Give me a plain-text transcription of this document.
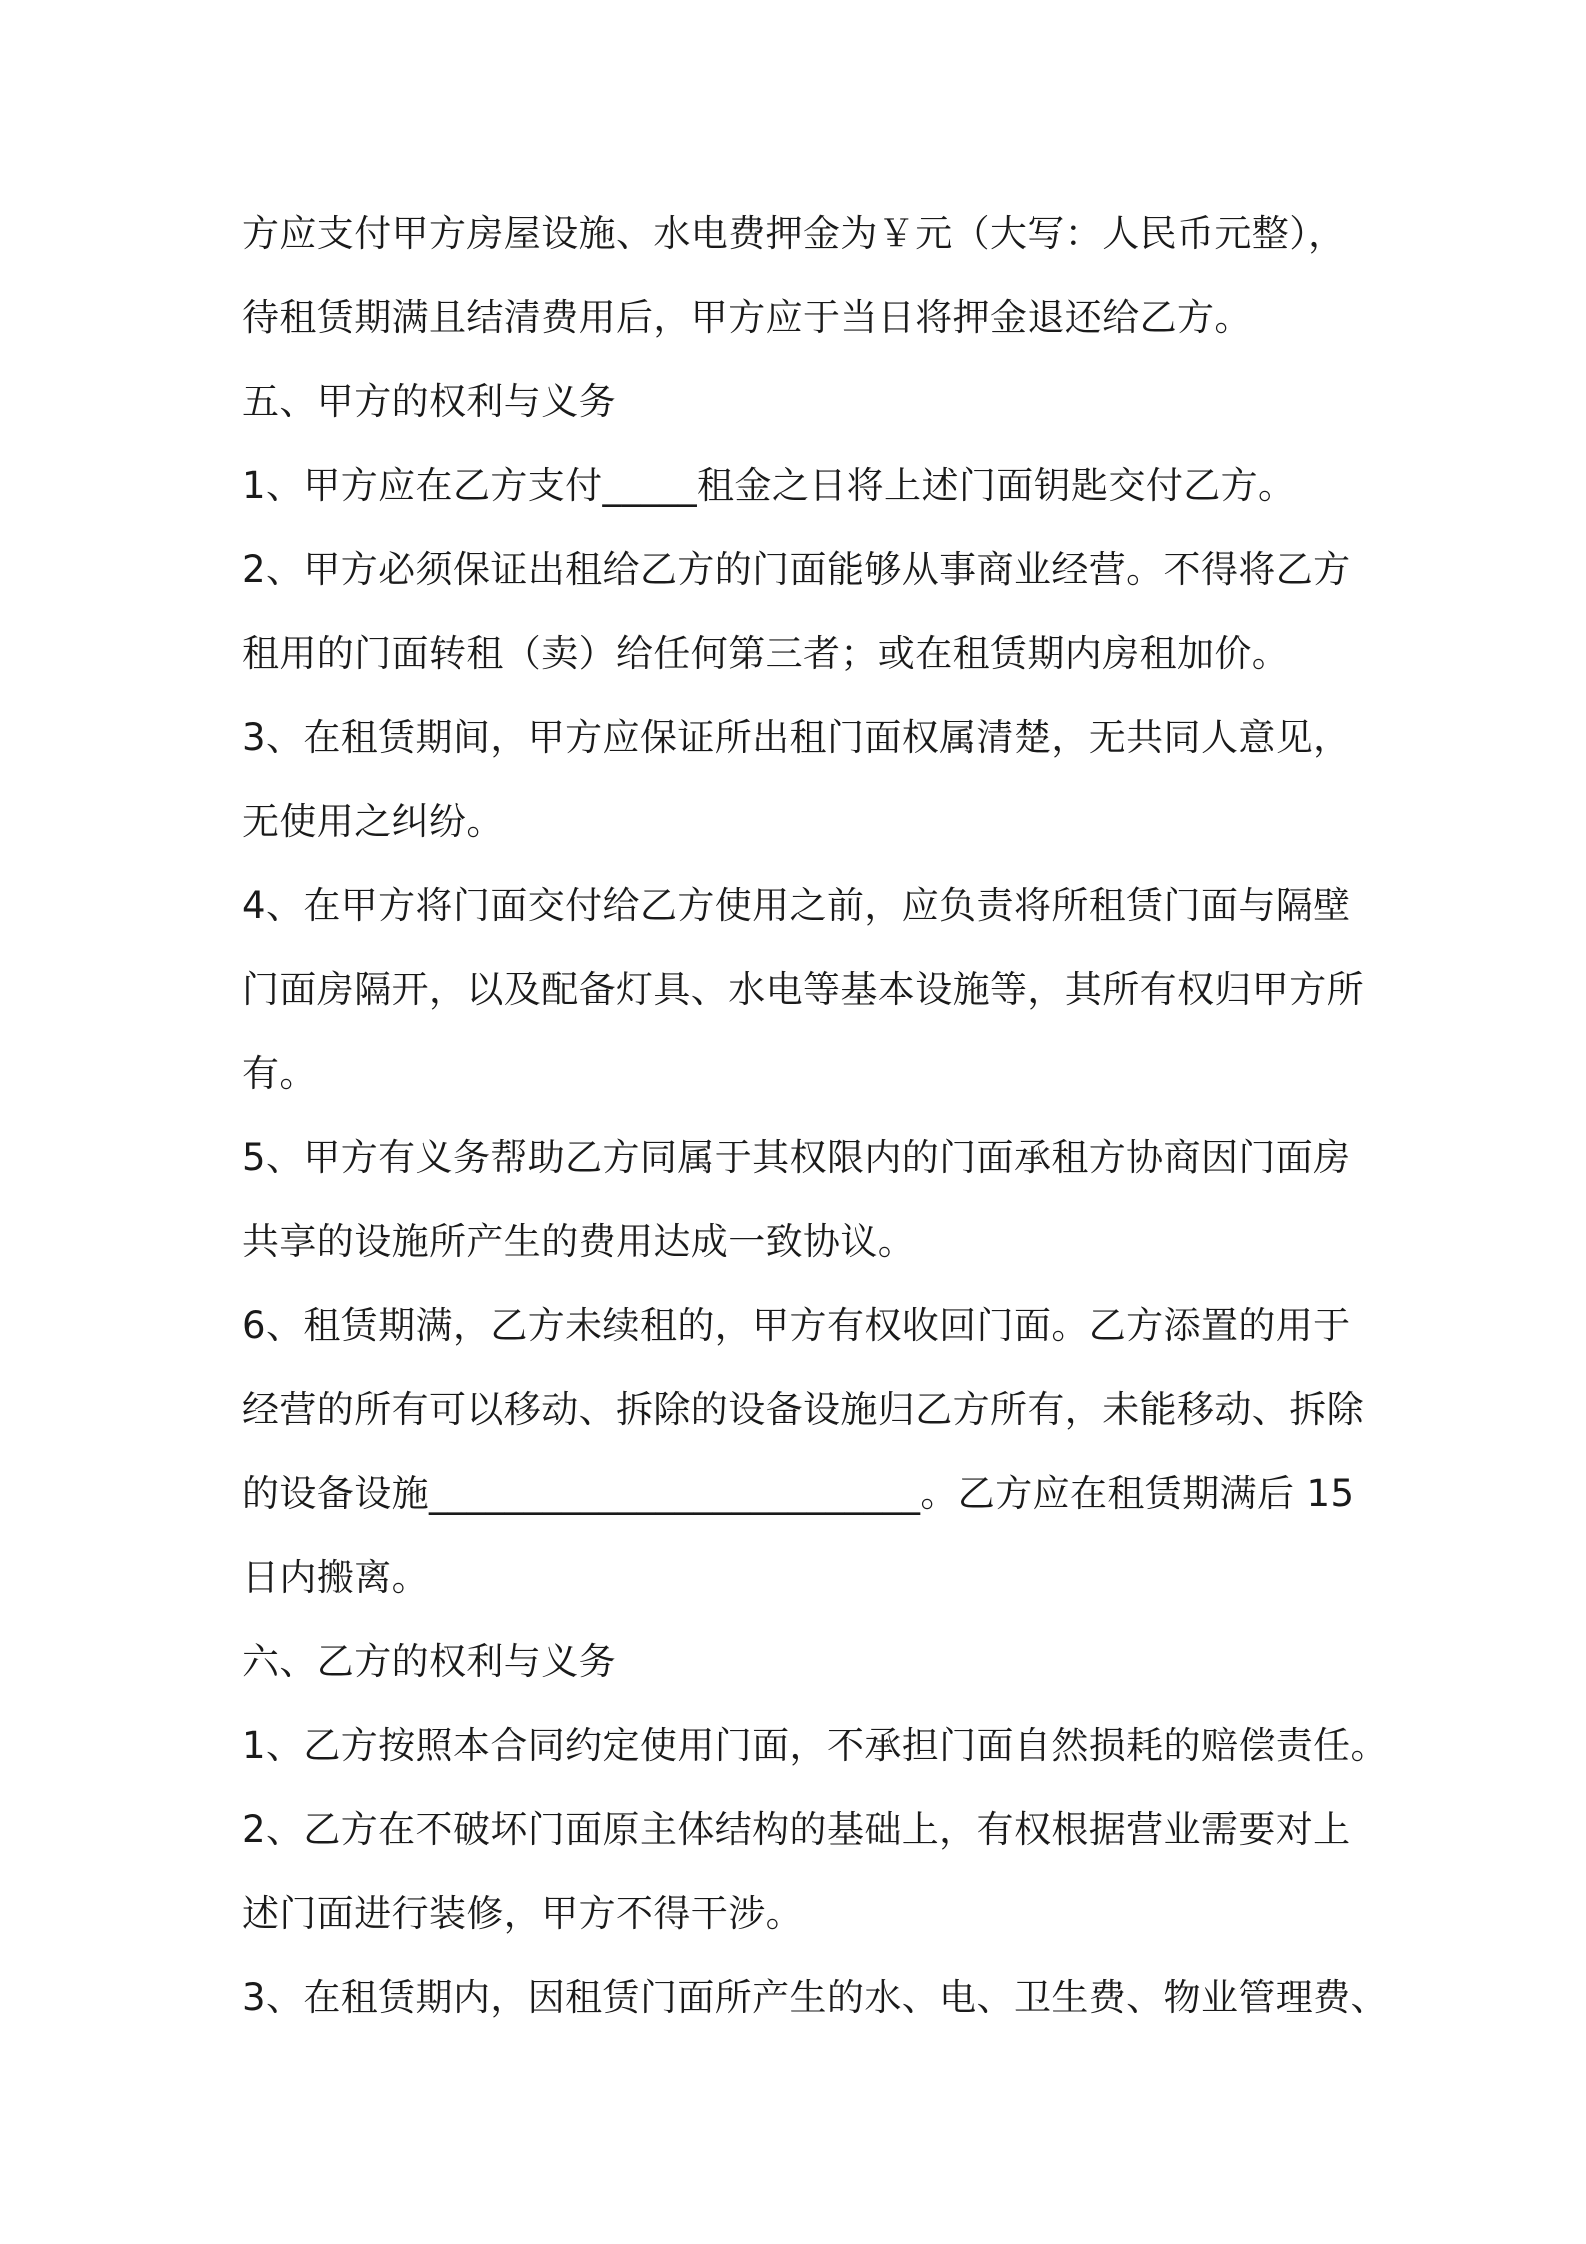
方应支付甲方房屋设施、水电费押金为￥元（大写：人民币元整），
待租赁期满且结清费用后，甲方应于当日将押金退还给乙方。
五、甲方的权利与义务
1、甲方应在乙方支付_____租金之日将上述门面钥匙交付乙方。
2、甲方必须保证出租给乙方的门面能够从事商业经营。不得将乙方
租用的门面转租（卖）给任何第三者；或在租赁期内房租加价。
3、在租赁期间，甲方应保证所出租门面权属清楚，无共同人意见，
无使用之纠纷。
4、在甲方将门面交付给乙方使用之前，应负责将所租赁门面与隔壁
门面房隔开，以及配备灯具、水电等基本设施等，其所有权归甲方所
有。
5、甲方有义务帮助乙方同属于其权限内的门面承租方协商因门面房
共享的设施所产生的费用达成一致协议。
6、租赁期满，乙方未续租的，甲方有权收回门面。乙方添置的用于
经营的所有可以移动、拆除的设备设施归乙方所有，未能移动、拆除
的设备设施__________________________。乙方应在租赁期满后 15
日内搬离。
六、乙方的权利与义务
1、乙方按照本合同约定使用门面，不承担门面自然损耗的赔偿责任。
2、乙方在不破坏门面原主体结构的基础上，有权根据营业需要对上
述门面进行装修，甲方不得干涉。
3、在租赁期内，因租赁门面所产生的水、电、卫生费、物业管理费、
